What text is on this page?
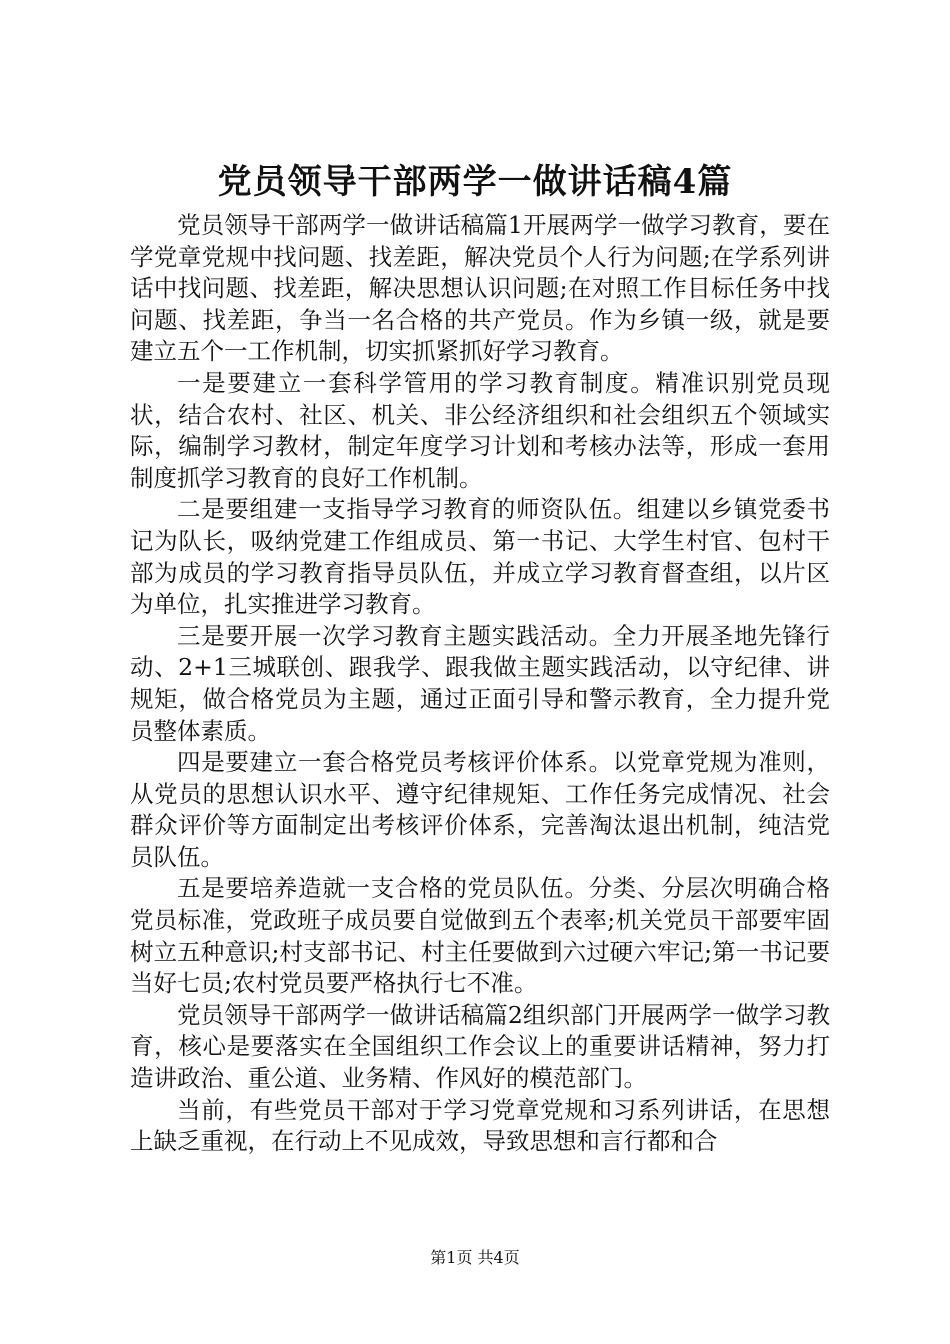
党员领导干部两学一做讲话稿4篇

党员领导干部两学一做讲话稿篇1开展两学一做学习教育，要在学党章党规中找问题、找差距，解决党员个人行为问题;在学系列讲话中找问题、找差距，解决思想认识问题;在对照工作目标任务中找问题、找差距，争当一名合格的共产党员。作为乡镇一级，就是要建立五个一工作机制，切实抓紧抓好学习教育。

一是要建立一套科学管用的学习教育制度。精准识别党员现状，结合农村、社区、机关、非公经济组织和社会组织五个领域实际，编制学习教材，制定年度学习计划和考核办法等，形成一套用制度抓学习教育的良好工作机制。

二是要组建一支指导学习教育的师资队伍。组建以乡镇党委书记为队长，吸纳党建工作组成员、第一书记、大学生村官、包村干部为成员的学习教育指导员队伍，并成立学习教育督查组，以片区为单位，扎实推进学习教育。

三是要开展一次学习教育主题实践活动。全力开展圣地先锋行动、2+1三城联创、跟我学、跟我做主题实践活动，以守纪律、讲规矩，做合格党员为主题，通过正面引导和警示教育，全力提升党员整体素质。

四是要建立一套合格党员考核评价体系。以党章党规为准则，从党员的思想认识水平、遵守纪律规矩、工作任务完成情况、社会群众评价等方面制定出考核评价体系，完善淘汰退出机制，纯洁党员队伍。

五是要培养造就一支合格的党员队伍。分类、分层次明确合格党员标准，党政班子成员要自觉做到五个表率;机关党员干部要牢固树立五种意识;村支部书记、村主任要做到六过硬六牢记;第一书记要当好七员;农村党员要严格执行七不准。

党员领导干部两学一做讲话稿篇2组织部门开展两学一做学习教育，核心是要落实在全国组织工作会议上的重要讲话精神，努力打造讲政治、重公道、业务精、作风好的模范部门。

当前，有些党员干部对于学习党章党规和习系列讲话，在思想上缺乏重视，在行动上不见成效，导致思想和言行都和合

第1页 共4页
